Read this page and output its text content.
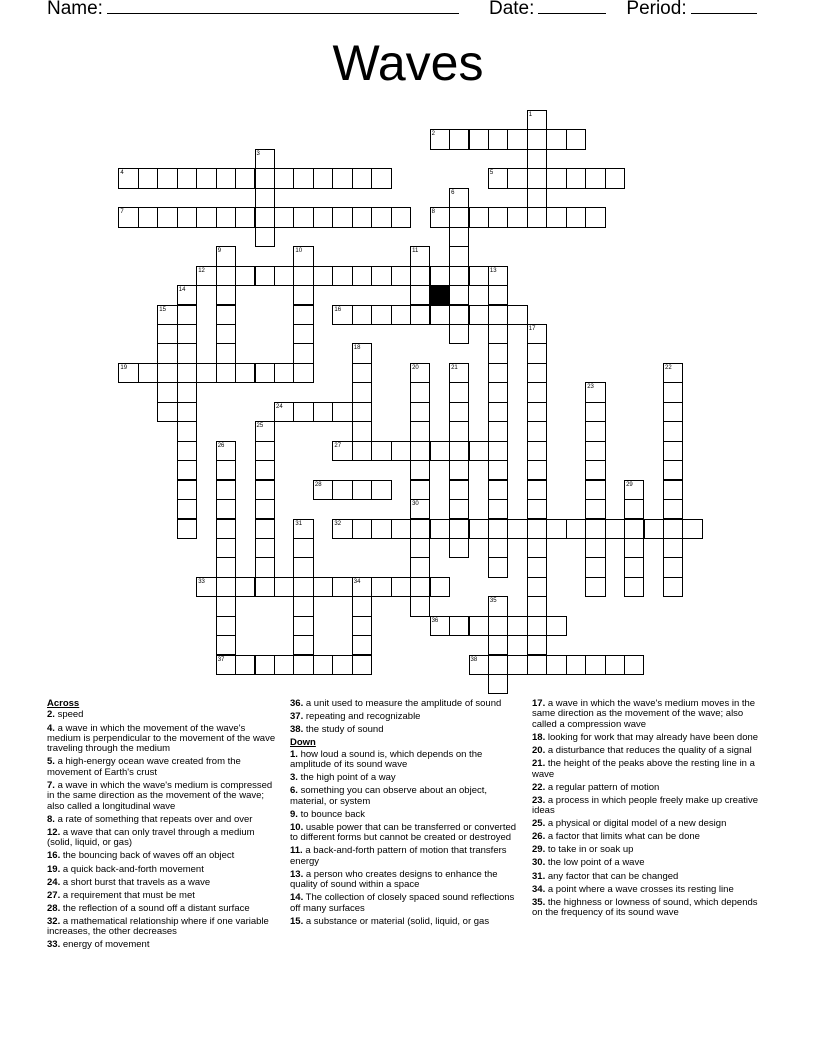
Name:	Date:	Period:
Waves
2
4	5
7	8
12
16
19
24
27
28
32
33
36
37	38
1
3
6
9	10	11
13
14
15
17
18
20	21	22
23
25
26
29
30
31
34
35
Across
2. speed
4. a wave in which the movement of the wave's medium is perpendicular to the movement of the wave traveling through the medium
5. a high-energy ocean wave created from the movement of Earth's crust
7. a wave in which the wave's medium is compressed in the same direction as the movement of the wave; also called a longitudinal wave
8. a rate of something that repeats over and over
12. a wave that can only travel through a medium (solid, liquid, or gas)
16. the bouncing back of waves off an object
19. a quick back-and-forth movement
24. a short burst that travels as a wave
27. a requirement that must be met
28. the reflection of a sound off a distant surface
32. a mathematical relationship where if one variable increases, the other decreases
33. energy of movement
36. a unit used to measure the amplitude of sound
37. repeating and recognizable
38. the study of sound
Down
1. how loud a sound is, which depends on the amplitude of its sound wave
3. the high point of a way
6. something you can observe about an object, material, or system
9. to bounce back
10. usable power that can be transferred or converted to different forms but cannot be created or destroyed
11. a back-and-forth pattern of motion that transfers energy
13. a person who creates designs to enhance the quality of sound within a space
14. The collection of closely spaced sound reflections off many surfaces
15. a substance or material (solid, liquid, or gas
17. a wave in which the wave's medium moves in the same direction as the movement of the wave; also called a compression wave
18. looking for work that may already have been done
20. a disturbance that reduces the quality of a signal
21. the height of the peaks above the resting line in a wave
22. a regular pattern of motion
23. a process in which people freely make up creative ideas
25. a physical or digital model of a new design
26. a factor that limits what can be done
29. to take in or soak up
30. the low point of a wave
31. any factor that can be changed
34. a point where a wave crosses its resting line
35. the highness or lowness of sound, which depends on the frequency of its sound wave
